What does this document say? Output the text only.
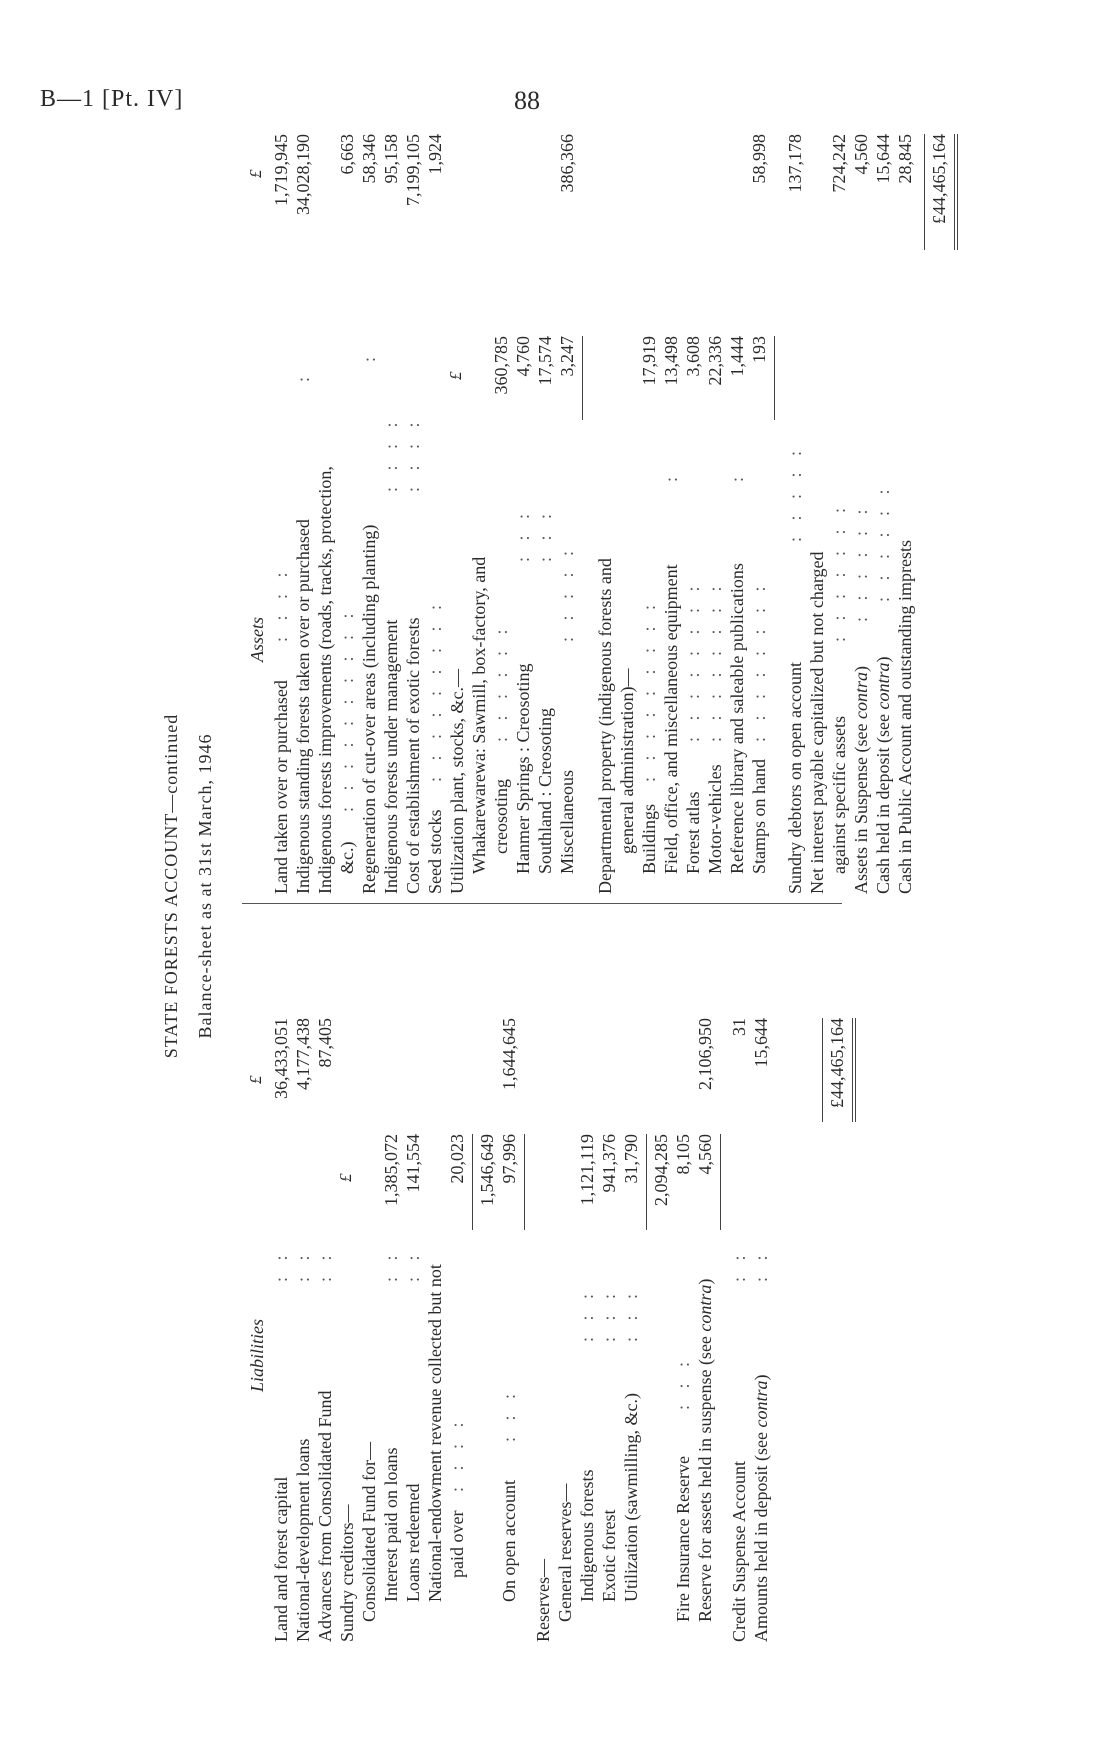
B—1 [Pt. IV]	88
STATE FORESTS ACCOUNT—continued Balance-sheet as at 31st March, 1946
Liabilities
£
Land and forest capital
: :
36,433,051
National-development loans
: :
4,177,438
Advances from Consolidated Fund
: :
87,405
Sundry creditors—
£
Consolidated Fund for— Interest paid on loans
: :
1,385,072
Loans redeemed
: :
141,554
National-endowment revenue collected but not paid over
: : : :
20,023 1,546,649
On open account
: : :
97,996
1,644,645
Reserves— General reserves— Indigenous forests
: : :
1,121,119
Exotic forest
: : :
941,376
Utilization (sawmilling, &c.)
: : :
31,790 2,094,285
Fire Insurance Reserve
: : :
8,105
Reserve for assets held in suspense (see contra)
4,560
2,106,950
Credit Suspense Account
: :
31
Amounts held in deposit (see contra)
: :
15,644	£44,465,164
Assets
£
Land taken over or purchased
: : : :
1,719,945
Indigenous standing forests taken over or purchased
:
34,028,190
Indigenous forests improvements (roads, tracks, protection, &c.)
: : : : : : : : : :
6,663
Regeneration of cut-over areas (including planting)
:
58,346
Indigenous forests under management
: : : :
95,158
Cost of establishment of exotic forests
: : : :
7,199,105
Seed stocks
: : : : : : : : :
1,924
Utilization plant, stocks, &c.—
£
Whakarewarewa: Sawmill, box-factory, and creosoting
: : : : : :
360,785
Hanmer Springs : Creosoting
: : :
4,760
Southland : Creosoting
: : :
17,574
Miscellaneous
: : : : :
3,247
386,366
Departmental property (indigenous forests and general administration)— Buildings
: : : : : : : : :
17,919
Field, office, and miscellaneous equipment
:
13,498
Forest atlas
: : : : : : : :
3,608
Motor-vehicles
: : : : : : : :
22,336
Reference library and saleable publications
:
1,444
Stamps on hand
: : : : : : : :
193
58,998
Sundry debtors on open account
: : : : :
137,178
Net interest payable capitalized but not charged against specific assets
: : : : : : :
724,242
Assets in Suspense (see contra)
: : : : : :
4,560
Cash held in deposit (see contra)
: : : : : :
15,644
Cash in Public Account and outstanding imprests
28,845 £44,465,164
